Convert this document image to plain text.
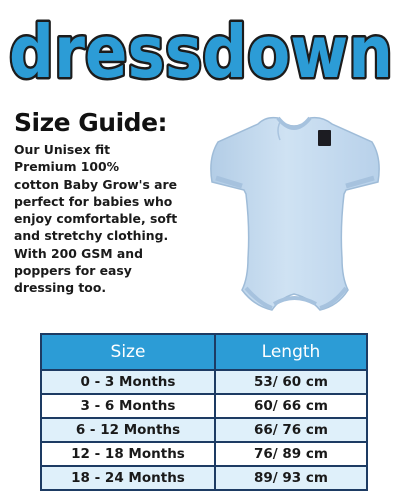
dressdown
Size Guide:
Our Unisex fit
Premium 100%
cotton Baby Grow's are
perfect for babies who
enjoy comfortable, soft
and stretchy clothing.
With 200 GSM and
poppers for easy
dressing too.
Size	Length
0 - 3 Months	53/ 60 cm
3 - 6 Months	60/ 66 cm
6 - 12 Months	66/ 76 cm
12 - 18 Months	76/ 89 cm
18 - 24 Months	89/ 93 cm
